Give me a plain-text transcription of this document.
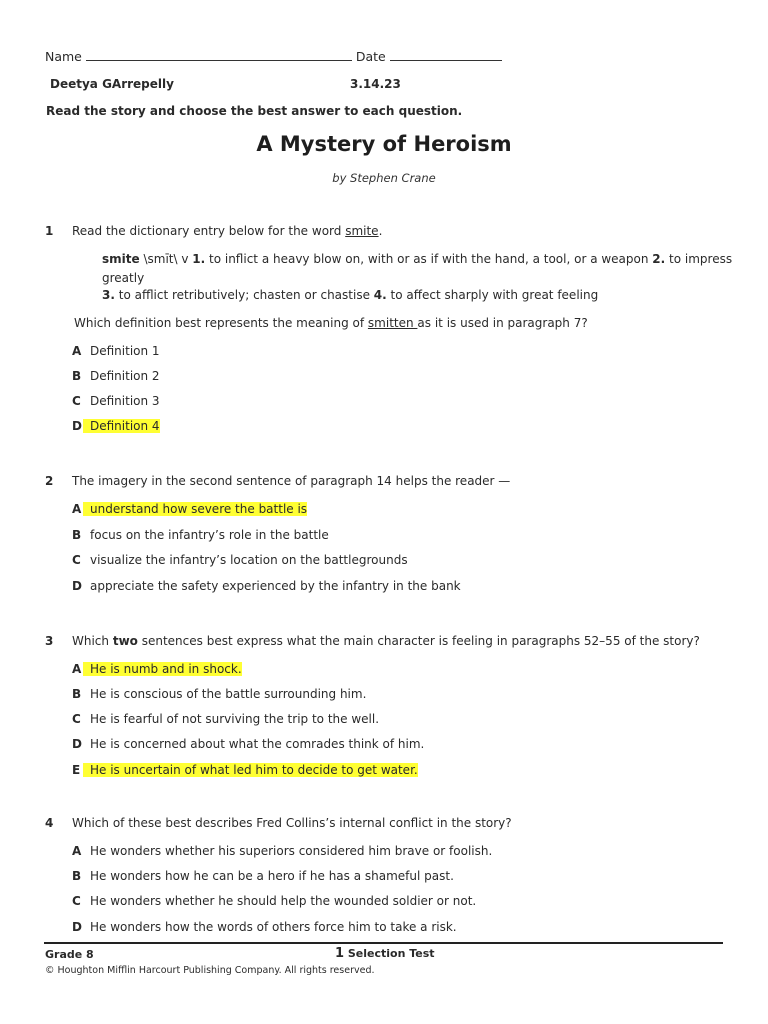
Name	Date
Deetya GArrepelly	3.14.23
Read the story and choose the best answer to each question.
A Mystery of Heroism
by Stephen Crane
1 Read the dictionary entry below for the word smite.
smite \smīt\ v 1. to inflict a heavy blow on, with or as if with the hand, a tool, or a weapon 2. to impress
greatly
3. to afflict retributively; chasten or chastise 4. to affect sharply with great feeling
Which definition best represents the meaning of smitten as it is used in paragraph 7?
A Definition 1
B Definition 2
C Definition 3
D Definition 4
2 The imagery in the second sentence of paragraph 14 helps the reader —
A understand how severe the battle is
B focus on the infantry’s role in the battle
C visualize the infantry’s location on the battlegrounds
D appreciate the safety experienced by the infantry in the bank
3 Which two sentences best express what the main character is feeling in paragraphs 52–55 of the story?
A He is numb and in shock.
B He is conscious of the battle surrounding him.
C He is fearful of not surviving the trip to the well.
D He is concerned about what the comrades think of him.
E He is uncertain of what led him to decide to get water.
4 Which of these best describes Fred Collins’s internal conflict in the story?
A He wonders whether his superiors considered him brave or foolish.
B He wonders how he can be a hero if he has a shameful past.
C He wonders whether he should help the wounded soldier or not.
D He wonders how the words of others force him to take a risk.
Grade 8	1 Selection Test
© Houghton Mifflin Harcourt Publishing Company. All rights reserved.
